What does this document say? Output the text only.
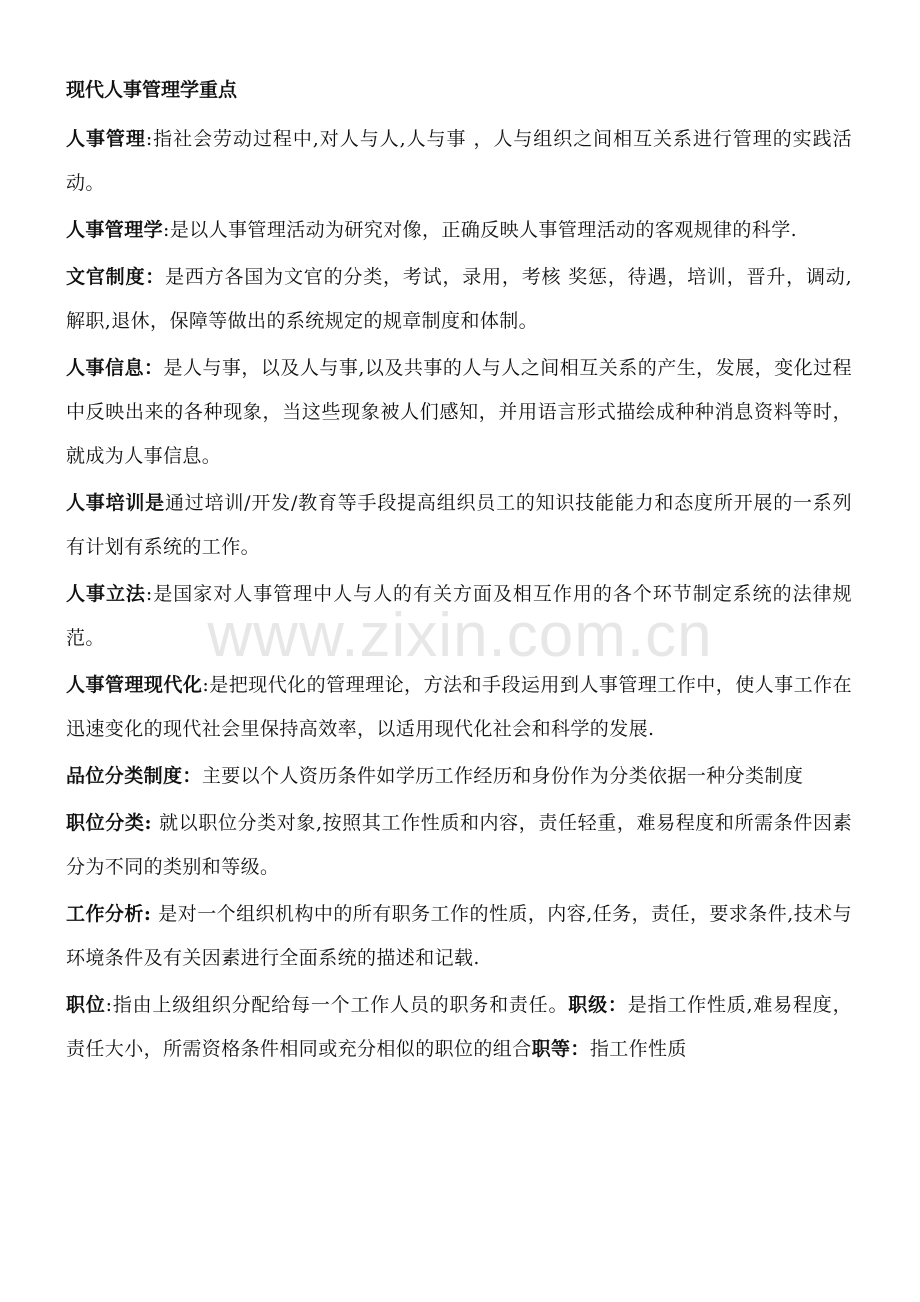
www.zixin.com.cn
现代人事管理学重点

人事管理:指社会劳动过程中,对人与人,人与事 ，人与组织之间相互关系进行管理的实践活动。

人事管理学:是以人事管理活动为研究对像，正确反映人事管理活动的客观规律的科学.

文官制度：是西方各国为文官的分类，考试，录用，考核 奖惩，待遇，培训，晋升，调动,解职,退休，保障等做出的系统规定的规章制度和体制。

人事信息：是人与事，以及人与事,以及共事的人与人之间相互关系的产生，发展，变化过程中反映出来的各种现象，当这些现象被人们感知，并用语言形式描绘成种种消息资料等时，就成为人事信息。

人事培训是通过培训/开发/教育等手段提高组织员工的知识技能能力和态度所开展的一系列有计划有系统的工作。

人事立法:是国家对人事管理中人与人的有关方面及相互作用的各个环节制定系统的法律规范。

人事管理现代化:是把现代化的管理理论，方法和手段运用到人事管理工作中，使人事工作在迅速变化的现代社会里保持高效率，以适用现代化社会和科学的发展.

品位分类制度：主要以个人资历条件如学历工作经历和身份作为分类依据一种分类制度

职位分类: 就以职位分类对象,按照其工作性质和内容，责任轻重，难易程度和所需条件因素分为不同的类别和等级。

工作分析: 是对一个组织机构中的所有职务工作的性质，内容,任务，责任，要求条件,技术与环境条件及有关因素进行全面系统的描述和记载.

职位:指由上级组织分配给每一个工作人员的职务和责任。职级：是指工作性质,难易程度，责任大小，所需资格条件相同或充分相似的职位的组合职等：指工作性质
